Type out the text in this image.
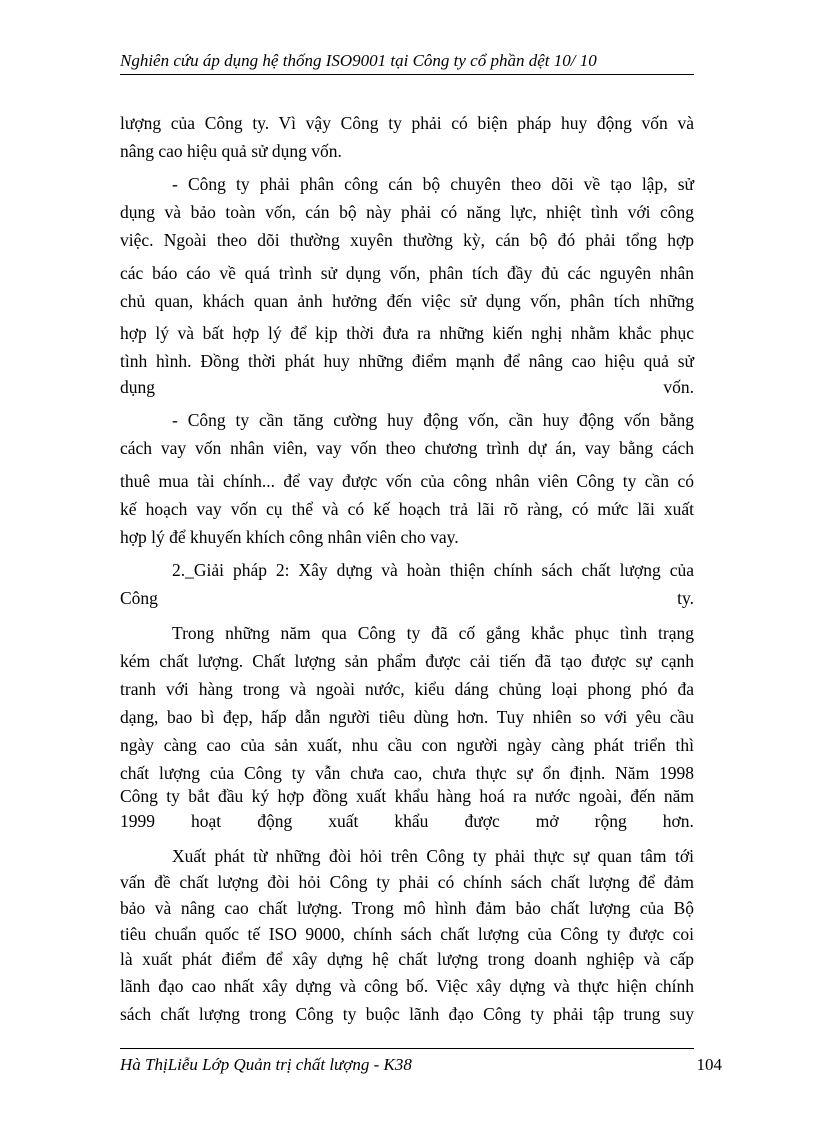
Nghiên cứu áp dụng hệ thống ISO9001 tại Công ty cổ phần dệt 10/ 10
lượng của Công ty. Vì vậy Công ty phải có biện pháp huy động vốn và
nâng cao hiệu quả sử dụng vốn.
- Công ty phải phân công cán bộ chuyên theo dõi về tạo lập, sử
dụng và bảo toàn vốn, cán bộ này phải có năng lực, nhiệt tình với công
việc. Ngoài theo dõi thường xuyên thường kỳ, cán bộ đó phải tổng hợp
các báo cáo về quá trình sử dụng vốn, phân tích đầy đủ các nguyên nhân
chủ quan, khách quan ảnh hưởng đến việc sử dụng vốn, phân tích những
hợp lý và bất hợp lý để kịp thời đưa ra những kiến nghị nhằm khắc phục
tình hình. Đồng thời phát huy những điểm mạnh để nâng cao hiệu quả sử
dụng	vốn.
- Công ty cần tăng cường huy động vốn, cần huy động vốn bằng
cách vay vốn nhân viên, vay vốn theo chương trình dự án, vay bằng cách
thuê mua tài chính... để vay được vốn của công nhân viên Công ty cần có
kế hoạch vay vốn cụ thể và có kế hoạch trả lãi rõ ràng, có mức lãi xuất
hợp lý để khuyến khích công nhân viên cho vay.
2._Giải pháp 2: Xây dựng và hoàn thiện chính sách chất lượng của
Công	ty.
Trong những năm qua Công ty đã cố gắng khắc phục tình trạng
kém chất lượng. Chất lượng sản phẩm được cải tiến đã tạo được sự cạnh
tranh với hàng trong và ngoài nước, kiểu dáng chủng loại phong phó đa
dạng, bao bì đẹp, hấp dẫn người tiêu dùng hơn. Tuy nhiên so với yêu cầu
ngày càng cao của sản xuất, nhu cầu con người ngày càng phát triển thì
chất lượng của Công ty vẫn chưa cao, chưa thực sự ổn định. Năm 1998
Công ty bắt đầu ký hợp đồng xuất khẩu hàng hoá ra nước ngoài, đến năm
1999 hoạt động xuất khẩu được mở rộng hơn.
Xuất phát từ những đòi hỏi trên Công ty phải thực sự quan tâm tới
vấn đề chất lượng đòi hỏi Công ty phải có chính sách chất lượng để đảm
bảo và nâng cao chất lượng. Trong mô hình đảm bảo chất lượng của Bộ
tiêu chuẩn quốc tế ISO 9000, chính sách chất lượng của Công ty được coi
là xuất phát điểm để xây dựng hệ chất lượng trong doanh nghiệp và cấp
lãnh đạo cao nhất xây dựng và công bố. Việc xây dựng và thực hiện chính
sách chất lượng trong Công ty buộc lãnh đạo Công ty phải tập trung suy
Hà ThịLiễu Lớp Quản trị chất lượng - K38	104
